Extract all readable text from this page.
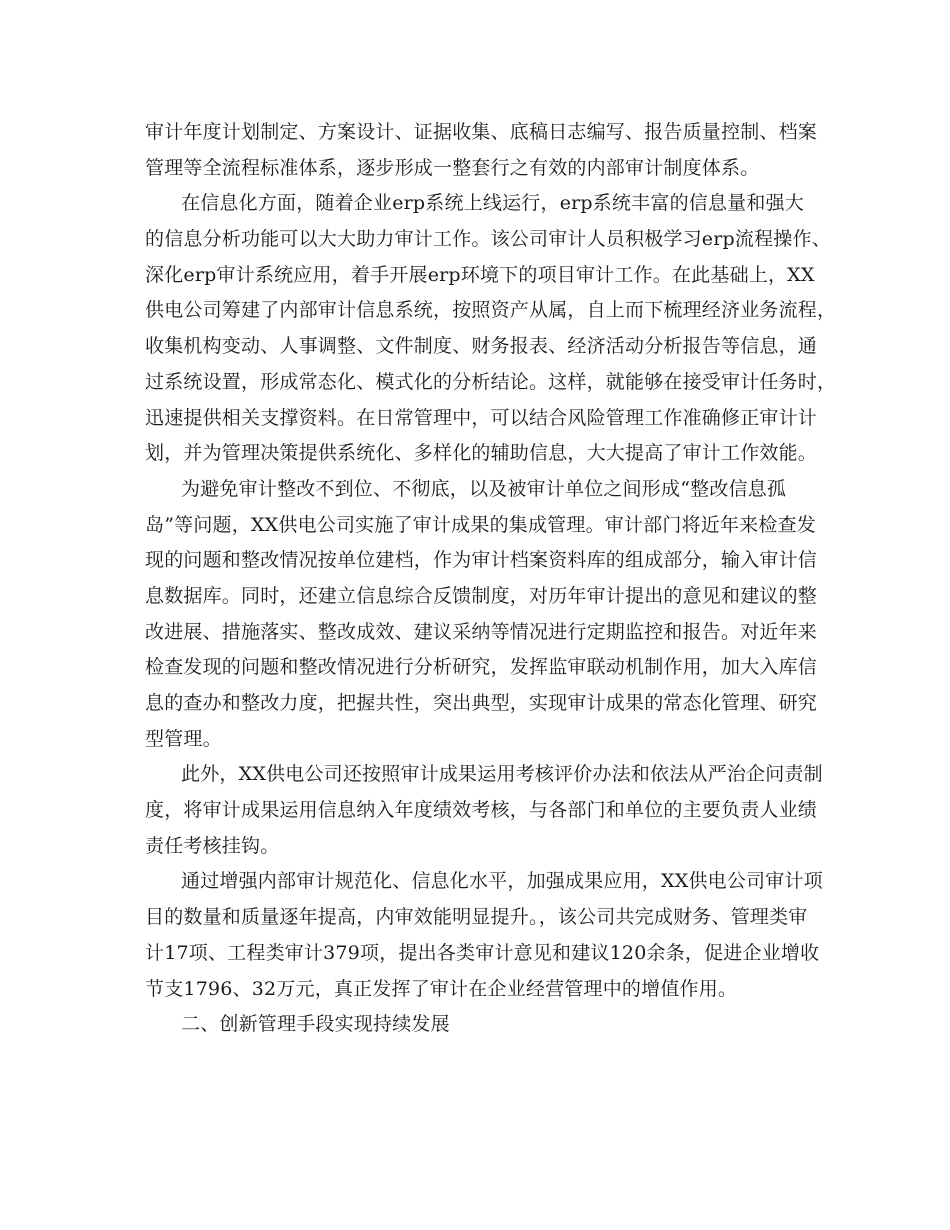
审计年度计划制定、方案设计、证据收集、底稿日志编写、报告质量控制、档案
管理等全流程标准体系，逐步形成一整套行之有效的内部审计制度体系。
在信息化方面，随着企业erp系统上线运行，erp系统丰富的信息量和强大
的信息分析功能可以大大助力审计工作。该公司审计人员积极学习erp流程操作、
深化erp审计系统应用，着手开展erp环境下的项目审计工作。在此基础上，XX
供电公司筹建了内部审计信息系统，按照资产从属，自上而下梳理经济业务流程，
收集机构变动、人事调整、文件制度、财务报表、经济活动分析报告等信息，通
过系统设置，形成常态化、模式化的分析结论。这样，就能够在接受审计任务时，
迅速提供相关支撑资料。在日常管理中，可以结合风险管理工作准确修正审计计
划，并为管理决策提供系统化、多样化的辅助信息，大大提高了审计工作效能。
为避免审计整改不到位、不彻底，以及被审计单位之间形成“整改信息孤
岛”等问题，XX供电公司实施了审计成果的集成管理。审计部门将近年来检查发
现的问题和整改情况按单位建档，作为审计档案资料库的组成部分，输入审计信
息数据库。同时，还建立信息综合反馈制度，对历年审计提出的意见和建议的整
改进展、措施落实、整改成效、建议采纳等情况进行定期监控和报告。对近年来
检查发现的问题和整改情况进行分析研究，发挥监审联动机制作用，加大入库信
息的查办和整改力度，把握共性，突出典型，实现审计成果的常态化管理、研究
型管理。
此外，XX供电公司还按照审计成果运用考核评价办法和依法从严治企问责制
度，将审计成果运用信息纳入年度绩效考核，与各部门和单位的主要负责人业绩
责任考核挂钩。
通过增强内部审计规范化、信息化水平，加强成果应用，XX供电公司审计项
目的数量和质量逐年提高，内审效能明显提升。，该公司共完成财务、管理类审
计17项、工程类审计379项，提出各类审计意见和建议120余条，促进企业增收
节支1796、32万元，真正发挥了审计在企业经营管理中的增值作用。
二、创新管理手段实现持续发展
